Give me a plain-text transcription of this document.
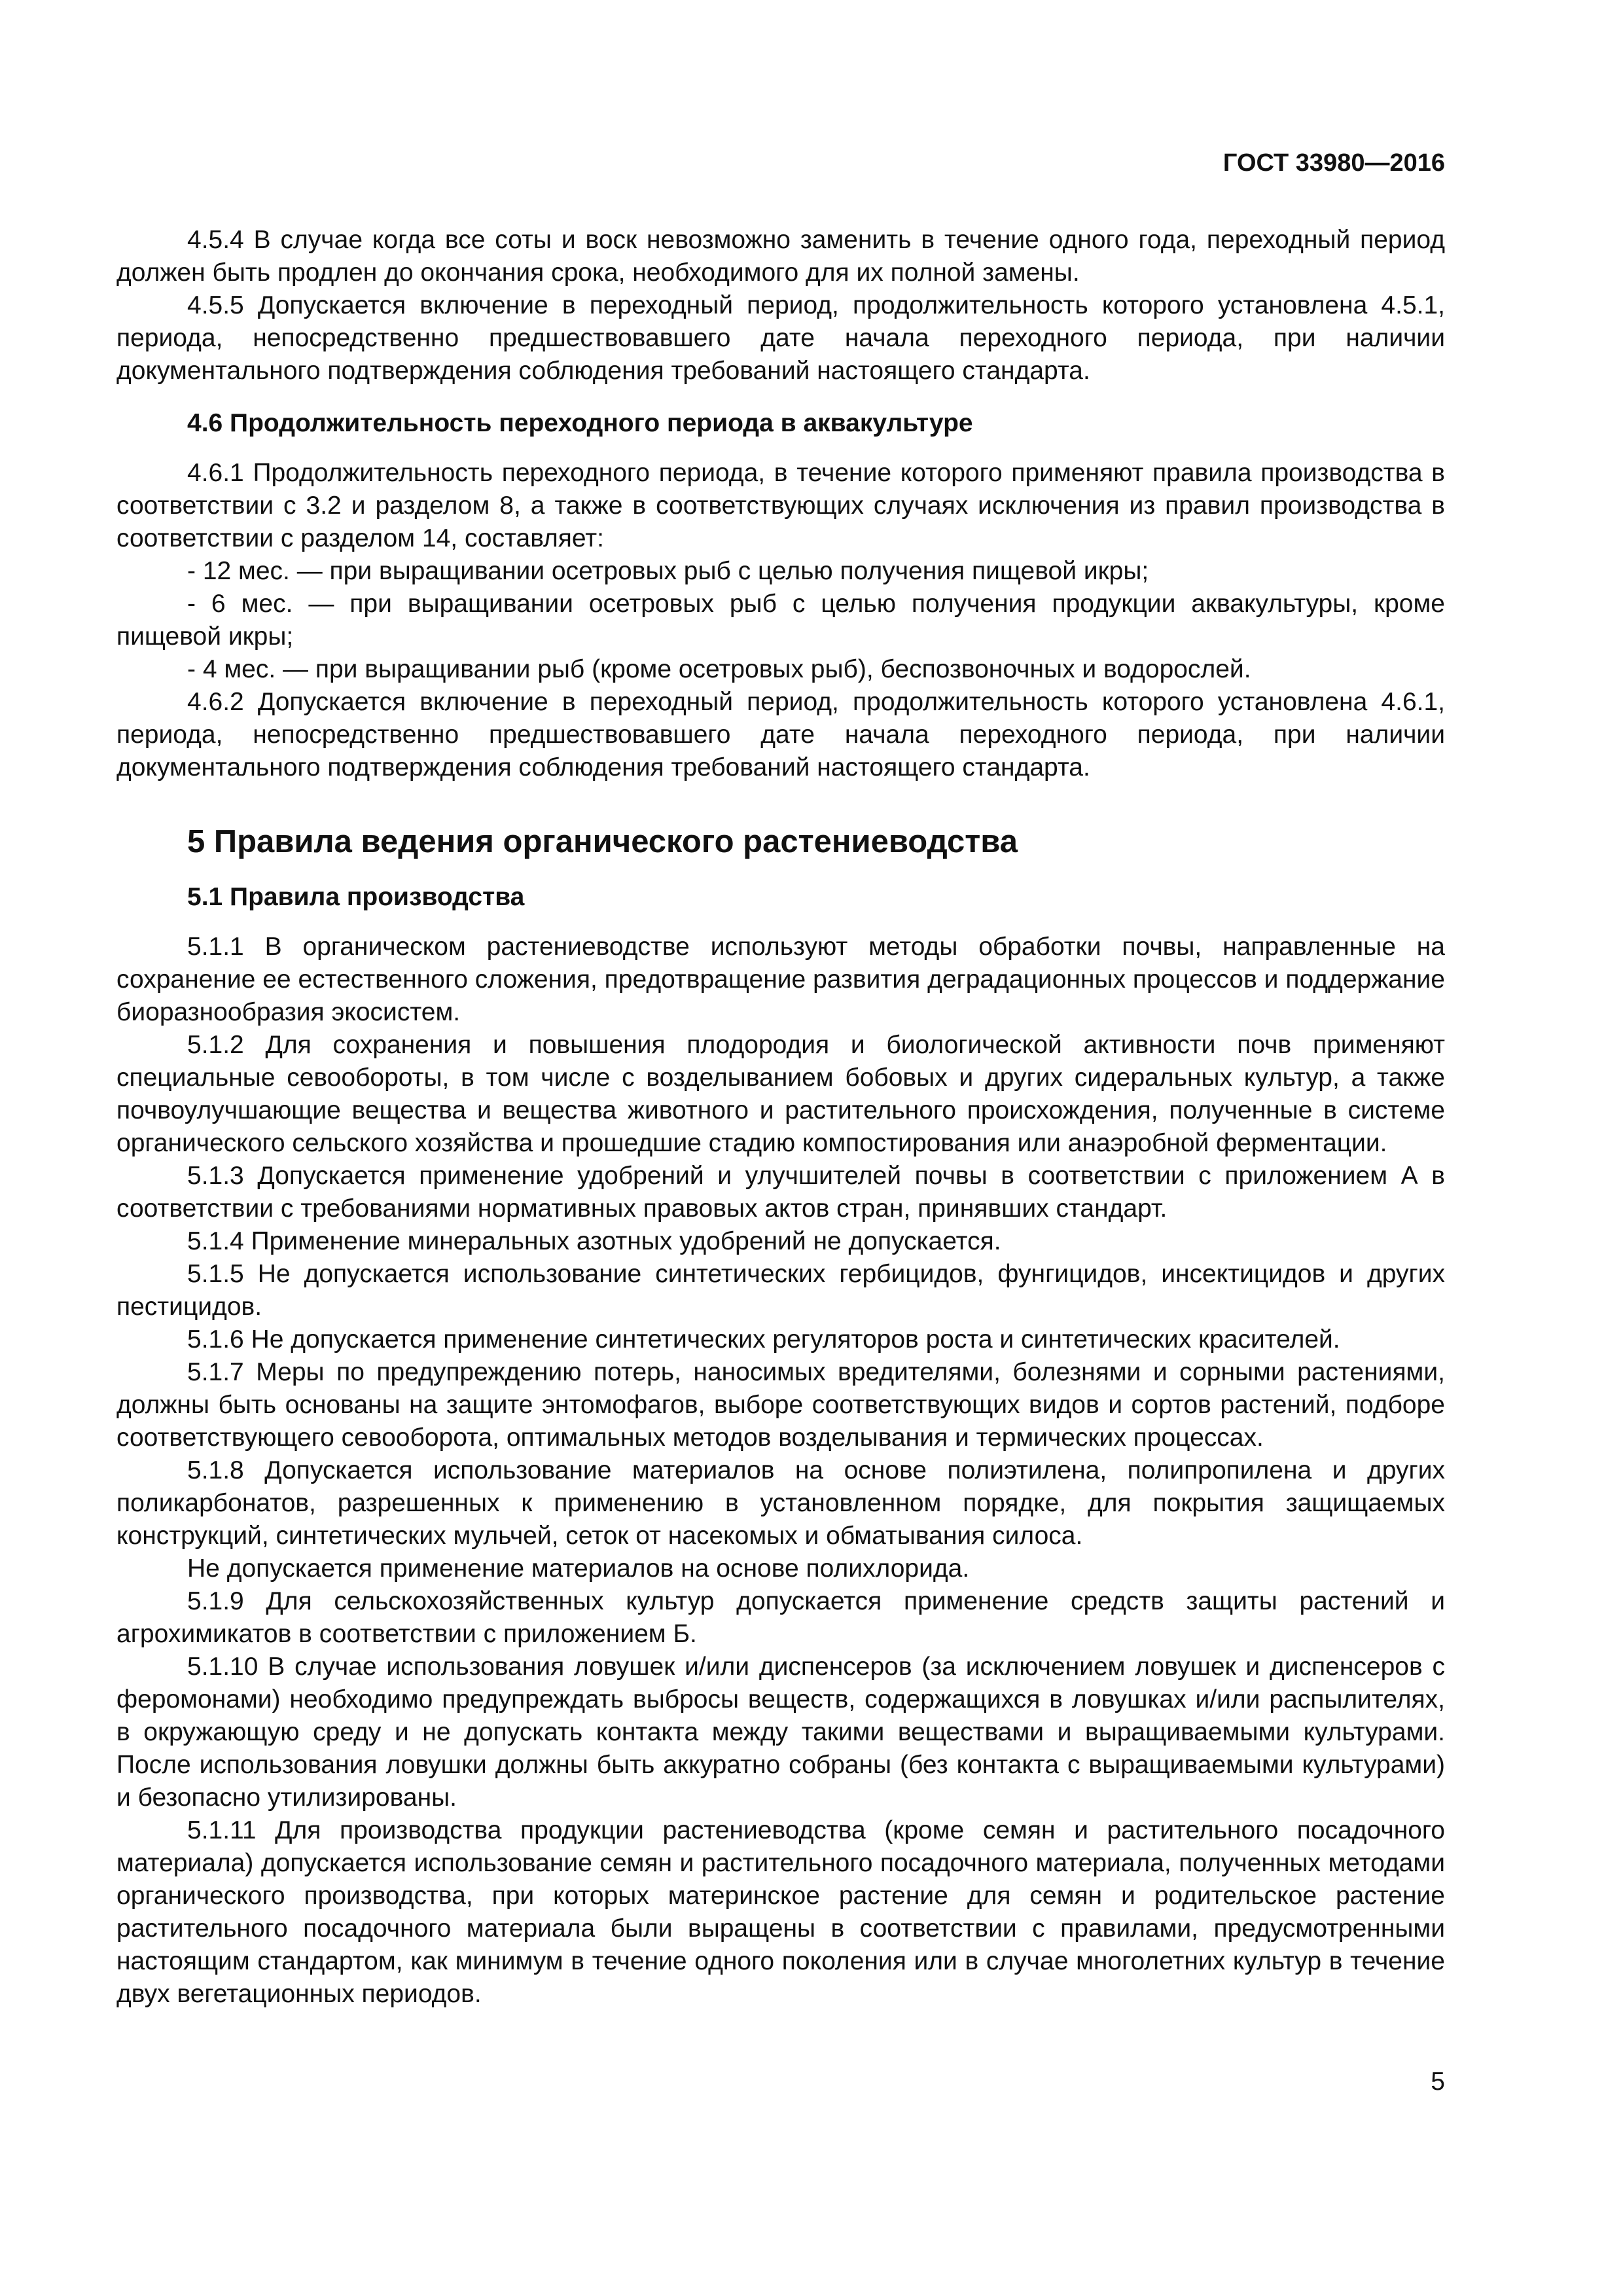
ГОСТ 33980—2016

4.5.4 В случае когда все соты и воск невозможно заменить в течение одного года, переходный период должен быть продлен до окончания срока, необходимого для их полной замены.

4.5.5 Допускается включение в переходный период, продолжительность которого установлена 4.5.1, периода, непосредственно предшествовавшего дате начала переходного периода, при наличии документального подтверждения соблюдения требований настоящего стандарта.

4.6 Продолжительность переходного периода в аквакультуре

4.6.1 Продолжительность переходного периода, в течение которого применяют правила производства в соответствии с 3.2 и разделом 8, а также в соответствующих случаях исключения из правил производства в соответствии с разделом 14, составляет:

- 12 мес. — при выращивании осетровых рыб с целью получения пищевой икры;

- 6 мес. — при выращивании осетровых рыб с целью получения продукции аквакультуры, кроме пищевой икры;

- 4 мес. — при выращивании рыб (кроме осетровых рыб), беспозвоночных и водорослей.

4.6.2 Допускается включение в переходный период, продолжительность которого установлена 4.6.1, периода, непосредственно предшествовавшего дате начала переходного периода, при наличии документального подтверждения соблюдения требований настоящего стандарта.

5 Правила ведения органического растениеводства
5.1 Правила производства

5.1.1 В органическом растениеводстве используют методы обработки почвы, направленные на сохранение ее естественного сложения, предотвращение развития деградационных процессов и поддержание биоразнообразия экосистем.

5.1.2 Для сохранения и повышения плодородия и биологической активности почв применяют специальные севообороты, в том числе с возделыванием бобовых и других сидеральных культур, а также почвоулучшающие вещества и вещества животного и растительного происхождения, полученные в системе органического сельского хозяйства и прошедшие стадию компостирования или анаэробной ферментации.

5.1.3 Допускается применение удобрений и улучшителей почвы в соответствии с приложением А в соответствии с требованиями нормативных правовых актов стран, принявших стандарт.

5.1.4 Применение минеральных азотных удобрений не допускается.

5.1.5 Не допускается использование синтетических гербицидов, фунгицидов, инсектицидов и других пестицидов.

5.1.6 Не допускается применение синтетических регуляторов роста и синтетических красителей.

5.1.7 Меры по предупреждению потерь, наносимых вредителями, болезнями и сорными растениями, должны быть основаны на защите энтомофагов, выборе соответствующих видов и сортов растений, подборе соответствующего севооборота, оптимальных методов возделывания и термических процессах.

5.1.8 Допускается использование материалов на основе полиэтилена, полипропилена и других поликарбонатов, разрешенных к применению в установленном порядке, для покрытия защищаемых конструкций, синтетических мульчей, сеток от насекомых и обматывания силоса.

Не допускается применение материалов на основе полихлорида.

5.1.9 Для сельскохозяйственных культур допускается применение средств защиты растений и агрохимикатов в соответствии с приложением Б.

5.1.10 В случае использования ловушек и/или диспенсеров (за исключением ловушек и диспенсеров с феромонами) необходимо предупреждать выбросы веществ, содержащихся в ловушках и/или распылителях, в окружающую среду и не допускать контакта между такими веществами и выращиваемыми культурами. После использования ловушки должны быть аккуратно собраны (без контакта с выращиваемыми культурами) и безопасно утилизированы.

5.1.11 Для производства продукции растениеводства (кроме семян и растительного посадочного материала) допускается использование семян и растительного посадочного материала, полученных методами органического производства, при которых материнское растение для семян и родительское растение растительного посадочного материала были выращены в соответствии с правилами, предусмотренными настоящим стандартом, как минимум в течение одного поколения или в случае многолетних культур в течение двух вегетационных периодов.

5
